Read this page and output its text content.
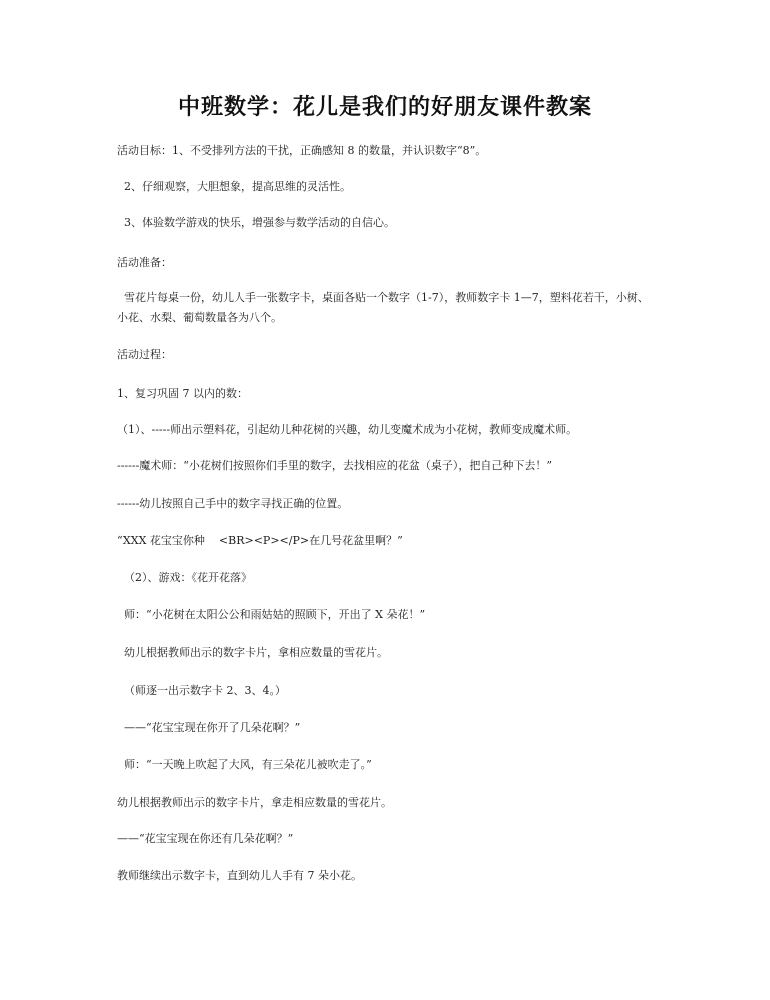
中班数学：花儿是我们的好朋友课件教案
活动目标：1、不受排列方法的干扰，正确感知 8 的数量，并认识数字“8”。
2、仔细观察，大胆想象，提高思维的灵活性。
3、体验数学游戏的快乐，增强参与数学活动的自信心。
活动准备：
雪花片每桌一份，幼儿人手一张数字卡，桌面各贴一个数字（1-7），教师数字卡 1—7，塑料花若干，小树、小花、水梨、葡萄数量各为八个。
活动过程：
1、复习巩固 7 以内的数：
（1）、-----师出示塑料花，引起幼儿种花树的兴趣，幼儿变魔术成为小花树，教师变成魔术师。
------魔术师：“小花树们按照你们手里的数字，去找相应的花盆（桌子），把自己种下去！”
------幼儿按照自己手中的数字寻找正确的位置。
“XXX 花宝宝你种    <BR><P></P>在几号花盆里啊？”
（2）、游戏：《花开花落》
师：“小花树在太阳公公和雨姑姑的照顾下，开出了 X 朵花！”
幼儿根据教师出示的数字卡片，拿相应数量的雪花片。
（师逐一出示数字卡 2、3、4。）
——“花宝宝现在你开了几朵花啊？”
师：“一天晚上吹起了大风，有三朵花儿被吹走了。”
幼儿根据教师出示的数字卡片，拿走相应数量的雪花片。
——“花宝宝现在你还有几朵花啊？”
教师继续出示数字卡，直到幼儿人手有 7 朵小花。
